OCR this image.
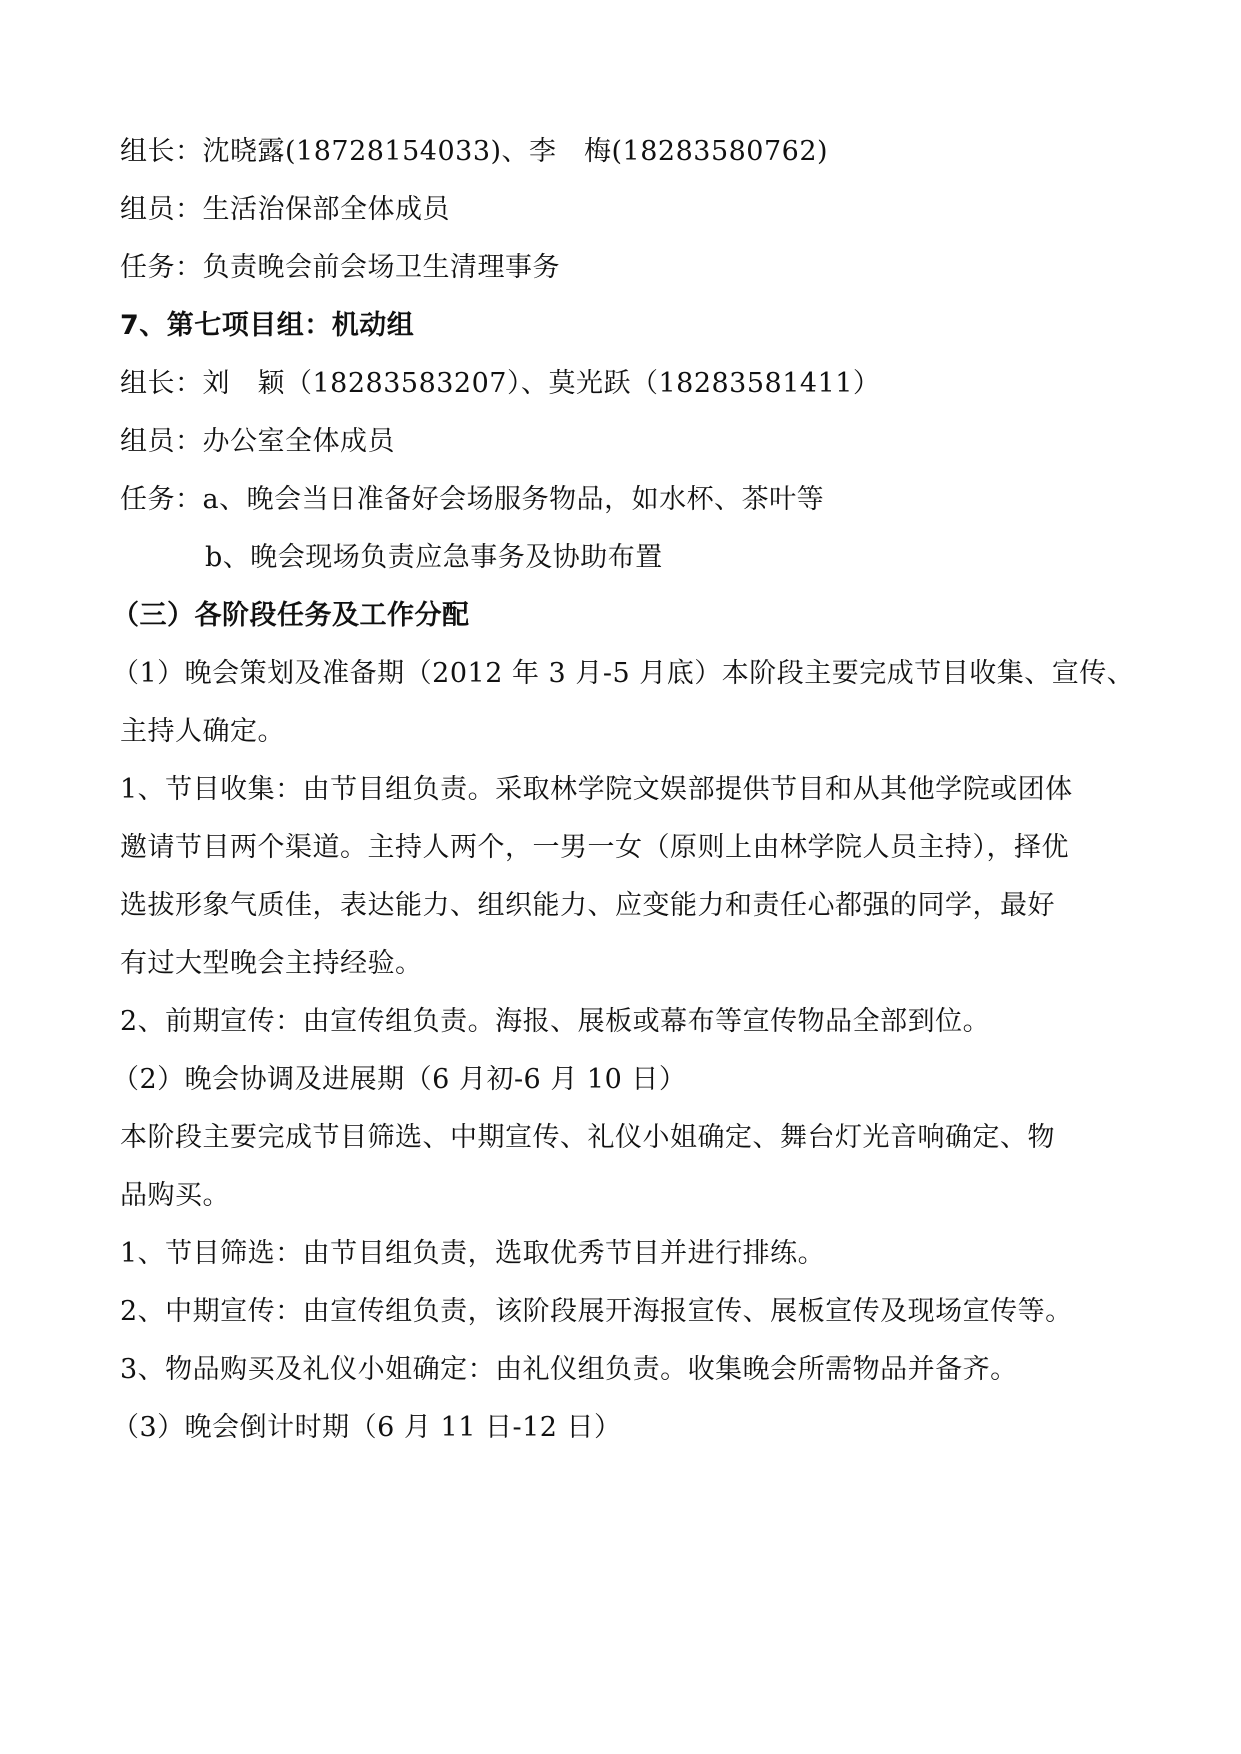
组长：沈晓露(18728154033)、李　梅(18283580762)
组员：生活治保部全体成员
任务：负责晚会前会场卫生清理事务
7、第七项目组：机动组
组长：刘　颖（18283583207）、莫光跃（18283581411）
组员：办公室全体成员
任务：a、晚会当日准备好会场服务物品，如水杯、茶叶等
b、晚会现场负责应急事务及协助布置
（三）各阶段任务及工作分配
（1）晚会策划及准备期（2012 年 3 月-5 月底）本阶段主要完成节目收集、宣传、
主持人确定。
1、节目收集：由节目组负责。采取林学院文娱部提供节目和从其他学院或团体
邀请节目两个渠道。主持人两个，一男一女（原则上由林学院人员主持），择优
选拔形象气质佳，表达能力、组织能力、应变能力和责任心都强的同学，最好
有过大型晚会主持经验。
2、前期宣传：由宣传组负责。海报、展板或幕布等宣传物品全部到位。
（2）晚会协调及进展期（6 月初-6 月 10 日）
本阶段主要完成节目筛选、中期宣传、礼仪小姐确定、舞台灯光音响确定、物
品购买。
1、节目筛选：由节目组负责，选取优秀节目并进行排练。
2、中期宣传：由宣传组负责，该阶段展开海报宣传、展板宣传及现场宣传等。
3、物品购买及礼仪小姐确定：由礼仪组负责。收集晚会所需物品并备齐。
（3）晚会倒计时期（6 月 11 日-12 日）
